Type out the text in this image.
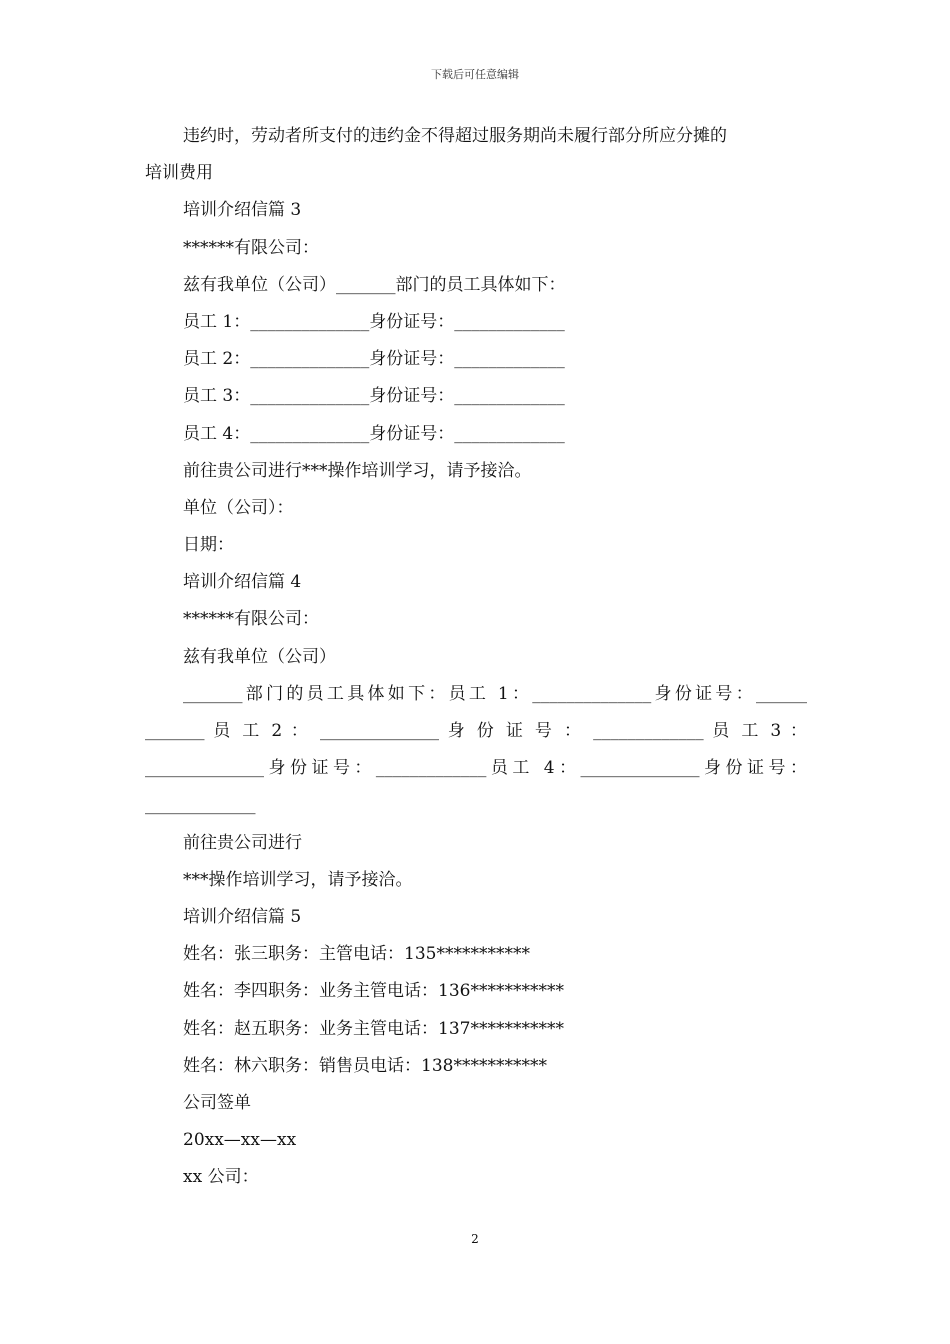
下载后可任意编辑
违约时，劳动者所支付的违约金不得超过服务期尚未履行部分所应分摊的
培训费用
培训介绍信篇 3
******有限公司：
兹有我单位（公司）_______部门的员工具体如下：
员工 1：______________身份证号：_____________
员工 2：______________身份证号：_____________
员工 3：______________身份证号：_____________
员工 4：______________身份证号：_____________
前往贵公司进行***操作培训学习，请予接洽。
单位（公司）：
日期：
培训介绍信篇 4
******有限公司：
兹有我单位（公司）
_______部门的员工具体如下：员工 1：______________身份证号：______
_______ 员 工 2 ： ______________ 身 份 证 号 ： _____________ 员 工 3 ：
______________身份证号：_____________员工 4：______________身份证号：
_____________
前往贵公司进行
***操作培训学习，请予接洽。
培训介绍信篇 5
姓名：张三职务：主管电话：135***********
姓名：李四职务：业务主管电话：136***********
姓名：赵五职务：业务主管电话：137***********
姓名：林六职务：销售员电话：138***********
公司签单
20xx—xx—xx
xx 公司：
2
